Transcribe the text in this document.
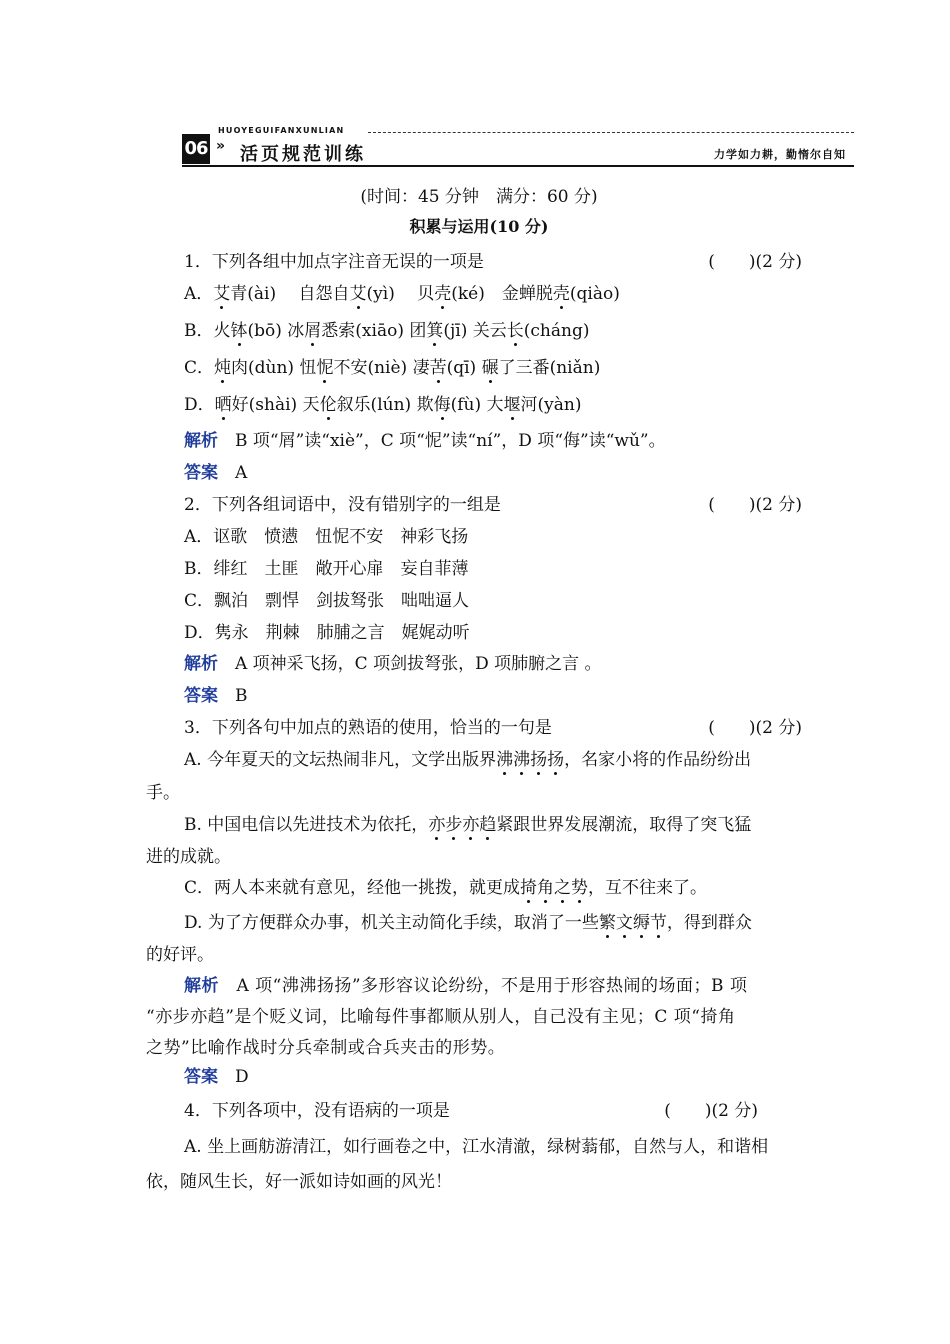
06
HUOYEGUIFANXUNLIAN
» 活页规范训练	力学如力耕，勤惰尔自知
(时间：45 分钟　满分：60 分)
积累与运用(10 分)
1．下列各组中加点字注音无误的一项是	(　　)(2 分)
A．艾青(ài)　 自怨自艾(yì)　 贝壳(ké)　金蝉脱壳(qiào)
B．火钵(bō) 冰屑悉索(xiāo) 团箕(jī) 关云长(cháng)
C．炖肉(dùn) 忸怩不安(niè) 凄苦(qī) 碾了三番(niǎn)
D．晒好(shài) 天伦叙乐(lún) 欺侮(fù) 大堰河(yàn)
解析　 B 项“屑”读“xiè”，C 项“怩”读“ní”，D 项“侮”读“wǔ”。
答案　 A
2．下列各组词语中，没有错别字的一组是	(　　)(2 分)
A．讴歌　愤懑　忸怩不安　神彩飞扬
B．绯红　土匪　敞开心扉　妄自菲薄
C．飘泊　剽悍　剑拔驽张　咄咄逼人
D．隽永　荆棘　肺脯之言　娓娓动听
解析　 A 项神采飞扬，C 项剑拔弩张，D 项肺腑之言 。
答案　 B
3．下列各句中加点的熟语的使用，恰当的一句是	(　　)(2 分)
A. 今年夏天的文坛热闹非凡，文学出版界沸沸扬扬，名家小将的作品纷纷出
手。
B. 中国电信以先进技术为依托，亦步亦趋紧跟世界发展潮流，取得了突飞猛
进的成就。
C．两人本来就有意见，经他一挑拨，就更成掎角之势，互不往来了。
D. 为了方便群众办事，机关主动简化手续，取消了一些繁文缛节，得到群众
的好评。
解析　 A 项“沸沸扬扬”多形容议论纷纷，不是用于形容热闹的场面；B 项
“亦步亦趋”是个贬义词，比喻每件事都顺从别人，自己没有主见；C 项“掎角
之势”比喻作战时分兵牵制或合兵夹击的形势。
答案　 D
4．下列各项中，没有语病的一项是	(　　)(2 分)
A. 坐上画舫游清江，如行画卷之中，江水清澈，绿树蓊郁，自然与人，和谐相
依，随风生长，好一派如诗如画的风光！
